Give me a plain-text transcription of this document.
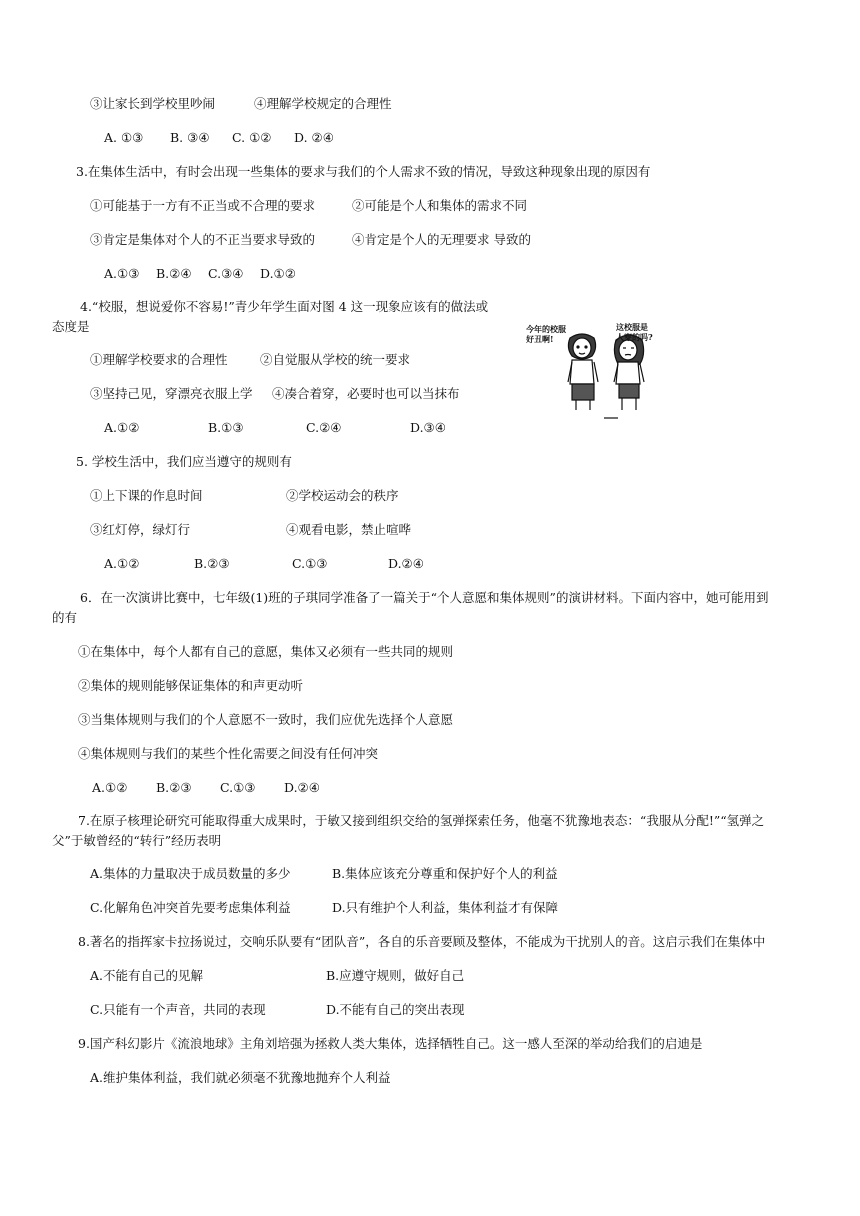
③让家长到学校里吵闹	④理解学校规定的合理性
A. ①③ B. ③④ C. ①② D. ②④
3.在集体生活中，有时会出现一些集体的要求与我们的个人需求不致的情况，导致这种现象出现的原因有
①可能基于一方有不正当或不合理的要求	②可能是个人和集体的需求不同
③肯定是集体对个人的不正当要求导致的	④肯定是个人的无理要求 导致的
A.①③ B.②④ C.③④ D.①②
4.“校服，想说爱你不容易!”青少年学生面对图 4 这一现象应该有的做法或
态度是
①理解学校要求的合理性	②自觉服从学校的统一要求
③坚持己见，穿漂亮衣服上学 ④凑合着穿，必要时也可以当抹布
A.①②	B.①③	C.②④	D.③④
今年的校服
好丑啊!
这校服是
人穿的吗?
5. 学校生活中，我们应当遵守的规则有
①上下课的作息时间	②学校运动会的秩序
③红灯停，绿灯行	④观看电影，禁止喧哗
A.①②	B.②③	C.①③	D.②④
6．在一次演讲比赛中，七年级(1)班的子琪同学准备了一篇关于“个人意愿和集体规则”的演讲材料。下面内容中，她可能用到
的有
①在集体中，每个人都有自己的意愿，集体又必须有一些共同的规则
②集体的规则能够保证集体的和声更动听
③当集体规则与我们的个人意愿不一致时，我们应优先选择个人意愿
④集体规则与我们的某些个性化需要之间没有任何冲突
A.①② B.②③ C.①③ D.②④
7.在原子核理论研究可能取得重大成果时，于敏又接到组织交给的氢弹探索任务，他毫不犹豫地表态：“我服从分配!”“氢弹之
父”于敏曾经的“转行”经历表明
A.集体的力量取决于成员数量的多少	B.集体应该充分尊重和保护好个人的利益
C.化解角色冲突首先要考虑集体利益	D.只有维护个人利益，集体利益才有保障
8.著名的指挥家卡拉扬说过，交响乐队要有“团队音”，各自的乐音要顾及整体，不能成为干扰别人的音。这启示我们在集体中
A.不能有自己的见解	B.应遵守规则，做好自己
C.只能有一个声音，共同的表现	D.不能有自己的突出表现
9.国产科幻影片《流浪地球》主角刘培强为拯救人类大集体，选择牺牲自己。这一感人至深的举动给我们的启迪是
A.维护集体利益，我们就必须毫不犹豫地抛弃个人利益
